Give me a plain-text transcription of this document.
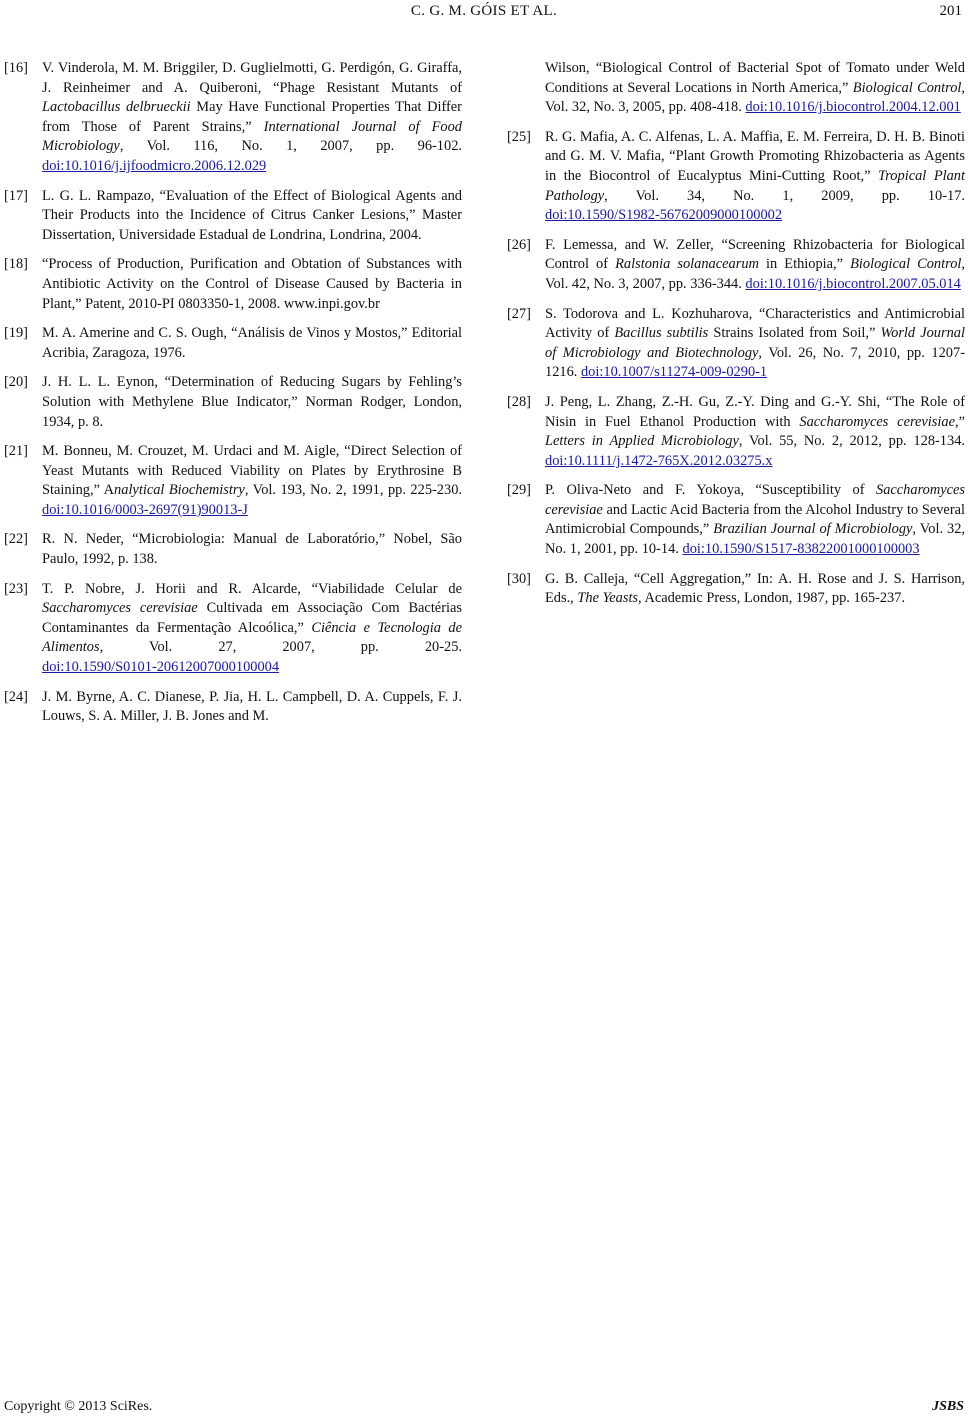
C. G. M. GÓIS ET AL.	201
[16] V. Vinderola, M. M. Briggiler, D. Guglielmotti, G. Perdigón, G. Giraffa, J. Reinheimer and A. Quiberoni, “Phage Resistant Mutants of Lactobacillus delbrueckii May Have Functional Properties That Differ from Those of Parent Strains,” International Journal of Food Microbiology, Vol. 116, No. 1, 2007, pp. 96-102. doi:10.1016/j.ijfoodmicro.2006.12.029
[17] L. G. L. Rampazo, “Evaluation of the Effect of Biological Agents and Their Products into the Incidence of Citrus Canker Lesions,” Master Dissertation, Universidade Estadual de Londrina, Londrina, 2004.
[18] “Process of Production, Purification and Obtation of Substances with Antibiotic Activity on the Control of Disease Caused by Bacteria in Plant,” Patent, 2010-PI 0803350-1, 2008. www.inpi.gov.br
[19] M. A. Amerine and C. S. Ough, “Análisis de Vinos y Mostos,” Editorial Acribia, Zaragoza, 1976.
[20] J. H. L. L. Eynon, “Determination of Reducing Sugars by Fehling’s Solution with Methylene Blue Indicator,” Norman Rodger, London, 1934, p. 8.
[21] M. Bonneu, M. Crouzet, M. Urdaci and M. Aigle, “Direct Selection of Yeast Mutants with Reduced Viability on Plates by Erythrosine B Staining,” Analytical Biochemistry, Vol. 193, No. 2, 1991, pp. 225-230. doi:10.1016/0003-2697(91)90013-J
[22] R. N. Neder, “Microbiologia: Manual de Laboratório,” Nobel, São Paulo, 1992, p. 138.
[23] T. P. Nobre, J. Horii and R. Alcarde, “Viabilidade Celular de Saccharomyces cerevisiae Cultivada em Associação Com Bactérias Contaminantes da Fermentação Alcoólica,” Ciência e Tecnologia de Alimentos, Vol. 27, 2007, pp. 20-25. doi:10.1590/S0101-20612007000100004
[24] J. M. Byrne, A. C. Dianese, P. Jia, H. L. Campbell, D. A. Cuppels, F. J. Louws, S. A. Miller, J. B. Jones and M.
Wilson, “Biological Control of Bacterial Spot of Tomato under Weld Conditions at Several Locations in North America,” Biological Control, Vol. 32, No. 3, 2005, pp. 408-418. doi:10.1016/j.biocontrol.2004.12.001
[25] R. G. Mafia, A. C. Alfenas, L. A. Maffia, E. M. Ferreira, D. H. B. Binoti and G. M. V. Mafia, “Plant Growth Promoting Rhizobacteria as Agents in the Biocontrol of Eucalyptus Mini-Cutting Root,” Tropical Plant Pathology, Vol. 34, No. 1, 2009, pp. 10-17. doi:10.1590/S1982-56762009000100002
[26] F. Lemessa, and W. Zeller, “Screening Rhizobacteria for Biological Control of Ralstonia solanacearum in Ethiopia,” Biological Control, Vol. 42, No. 3, 2007, pp. 336-344. doi:10.1016/j.biocontrol.2007.05.014
[27] S. Todorova and L. Kozhuharova, “Characteristics and Antimicrobial Activity of Bacillus subtilis Strains Isolated from Soil,” World Journal of Microbiology and Biotechnology, Vol. 26, No. 7, 2010, pp. 1207-1216. doi:10.1007/s11274-009-0290-1
[28] J. Peng, L. Zhang, Z.-H. Gu, Z.-Y. Ding and G.-Y. Shi, “The Role of Nisin in Fuel Ethanol Production with Saccharomyces cerevisiae,” Letters in Applied Microbiology, Vol. 55, No. 2, 2012, pp. 128-134. doi:10.1111/j.1472-765X.2012.03275.x
[29] P. Oliva-Neto and F. Yokoya, “Susceptibility of Saccharomyces cerevisiae and Lactic Acid Bacteria from the Alcohol Industry to Several Antimicrobial Compounds,” Brazilian Journal of Microbiology, Vol. 32, No. 1, 2001, pp. 10-14. doi:10.1590/S1517-83822001000100003
[30] G. B. Calleja, “Cell Aggregation,” In: A. H. Rose and J. S. Harrison, Eds., The Yeasts, Academic Press, London, 1987, pp. 165-237.
Copyright © 2013 SciRes.	JSBS
